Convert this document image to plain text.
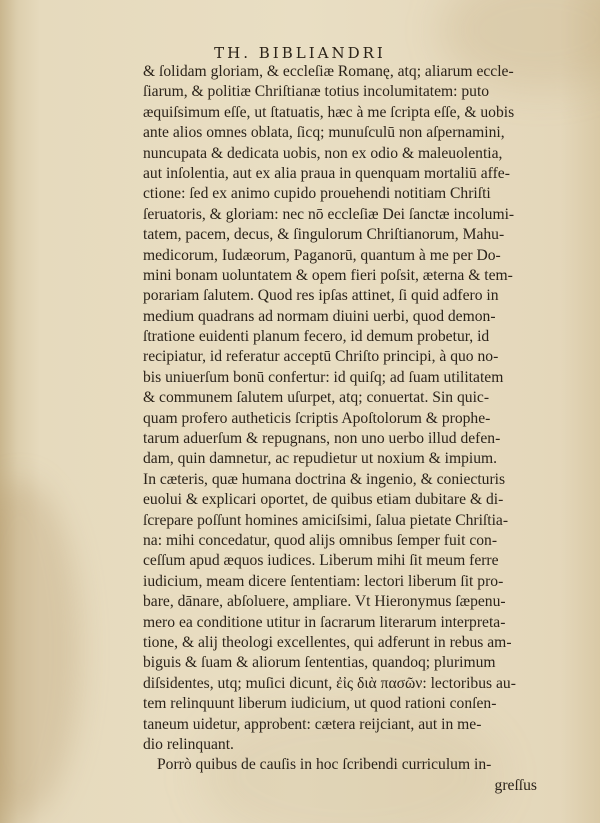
TH. BIBLIANDRI
& ſolidam gloriam, & eccleſiæ Romanę, atq; aliarum eccle-
ſiarum, & politiæ Chriſtianæ totius incolumitatem: puto
æquiſsimum eſſe, ut ſtatuatis, hæc à me ſcripta eſſe, & uobis
ante alios omnes oblata, ſicq; munuſculū non aſpernamini,
nuncupata & dedicata uobis, non ex odio & maleuolentia,
aut inſolentia, aut ex alia praua in quenquam mortaliū affe-
ctione: ſed ex animo cupido prouehendi notitiam Chriſti
ſeruatoris, & gloriam: nec nō eccleſiæ Dei ſanctæ incolumi-
tatem, pacem, decus, & ſingulorum Chriſtianorum, Mahu-
medicorum, Iudæorum, Paganorū, quantum à me per Do-
mini bonam uoluntatem & opem fieri poſsit, æterna & tem-
porariam ſalutem. Quod res ipſas attinet, ſi quid adfero in
medium quadrans ad normam diuini uerbi, quod demon-
ſtratione euidenti planum fecero, id demum probetur, id
recipiatur, id referatur acceptū Chriſto principi, à quo no-
bis uniuerſum bonū confertur: id quiſq; ad ſuam utilitatem
& communem ſalutem uſurpet, atq; conuertat. Sin quic-
quam profero autheticis ſcriptis Apoſtolorum & prophe-
tarum aduerſum & repugnans, non uno uerbo illud defen-
dam, quin damnetur, ac repudietur ut noxium & impium.
In cæteris, quæ humana doctrina & ingenio, & coniecturis
euolui & explicari oportet, de quibus etiam dubitare & di-
ſcrepare poſſunt homines amiciſsimi, ſalua pietate Chriſtia-
na: mihi concedatur, quod alijs omnibus ſemper fuit con-
ceſſum apud æquos iudices. Liberum mihi ſit meum ferre
iudicium, meam dicere ſententiam: lectori liberum ſit pro-
bare, dānare, abſoluere, ampliare. Vt Hieronymus ſæpenu-
mero ea conditione utitur in ſacrarum literarum interpreta-
tione, & alij theologi excellentes, qui adferunt in rebus am-
biguis & ſuam & aliorum ſententias, quandoq; plurimum
diſsidentes, utq; muſici dicunt, ἐἰς διὰ πασῶν: lectoribus au-
tem relinquunt liberum iudicium, ut quod rationi conſen-
taneum uidetur, approbent: cætera reijciant, aut in me-
dio relinquant.
Porrò quibus de cauſis in hoc ſcribendi curriculum in-
greſſus
